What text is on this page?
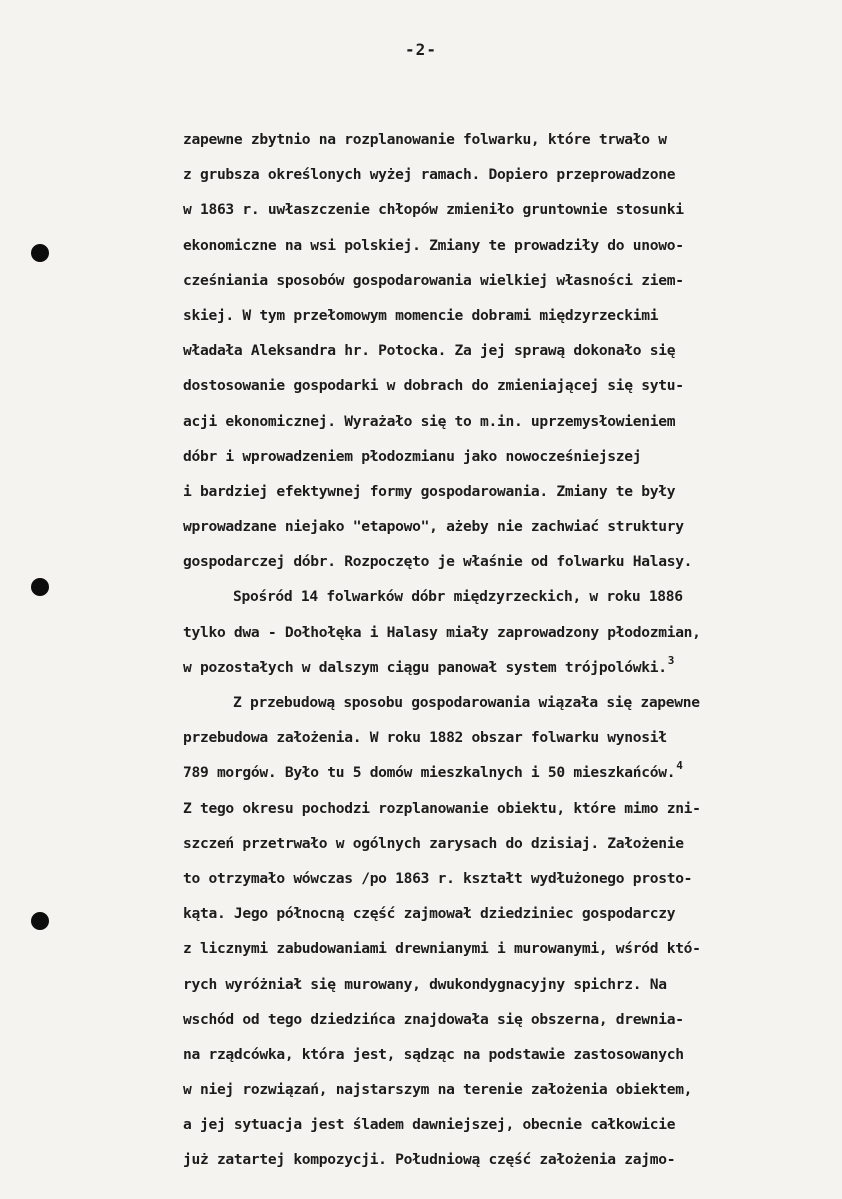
-2-
zapewne zbytnio na rozplanowanie folwarku, które trwało w
z grubsza określonych wyżej ramach. Dopiero przeprowadzone
w 1863 r. uwłaszczenie chłopów zmieniło gruntownie stosunki
ekonomiczne na wsi polskiej. Zmiany te prowadziły do unowo-
cześniania sposobów gospodarowania wielkiej własności ziem-
skiej. W tym przełomowym momencie dobrami międzyrzeckimi
władała Aleksandra hr. Potocka. Za jej sprawą dokonało się
dostosowanie gospodarki w dobrach do zmieniającej się sytu-
acji ekonomicznej. Wyrażało się to m.in. uprzemysłowieniem
dóbr i wprowadzeniem płodozmianu jako nowocześniejszej
i bardziej efektywnej formy gospodarowania. Zmiany te były
wprowadzane niejako "etapowo", ażeby nie zachwiać struktury
gospodarczej dóbr. Rozpoczęto je właśnie od folwarku Halasy.
Spośród 14 folwarków dóbr międzyrzeckich, w roku 1886
tylko dwa - Dołhołęka i Halasy miały zaprowadzony płodozmian,
w pozostałych w dalszym ciągu panował system trójpolówki.$^3$
Z przebudową sposobu gospodarowania wiązała się zapewne
przebudowa założenia. W roku 1882 obszar folwarku wynosił
789 morgów. Było tu 5 domów mieszkalnych i 50 mieszkańców.$^4$
Z tego okresu pochodzi rozplanowanie obiektu, które mimo zni-
szczeń przetrwało w ogólnych zarysach do dzisiaj. Założenie
to otrzymało wówczas /po 1863 r. kształt wydłużonego prosto-
kąta. Jego północną część zajmował dziedziniec gospodarczy
z licznymi zabudowaniami drewnianymi i murowanymi, wśród któ-
rych wyróżniał się murowany, dwukondygnacyjny spichrz. Na
wschód od tego dziedzińca znajdowała się obszerna, drewnia-
na rządcówka, która jest, sądząc na podstawie zastosowanych
w niej rozwiązań, najstarszym na terenie założenia obiektem,
a jej sytuacja jest śladem dawniejszej, obecnie całkowicie
już zatartej kompozycji. Południową część założenia zajmo-
